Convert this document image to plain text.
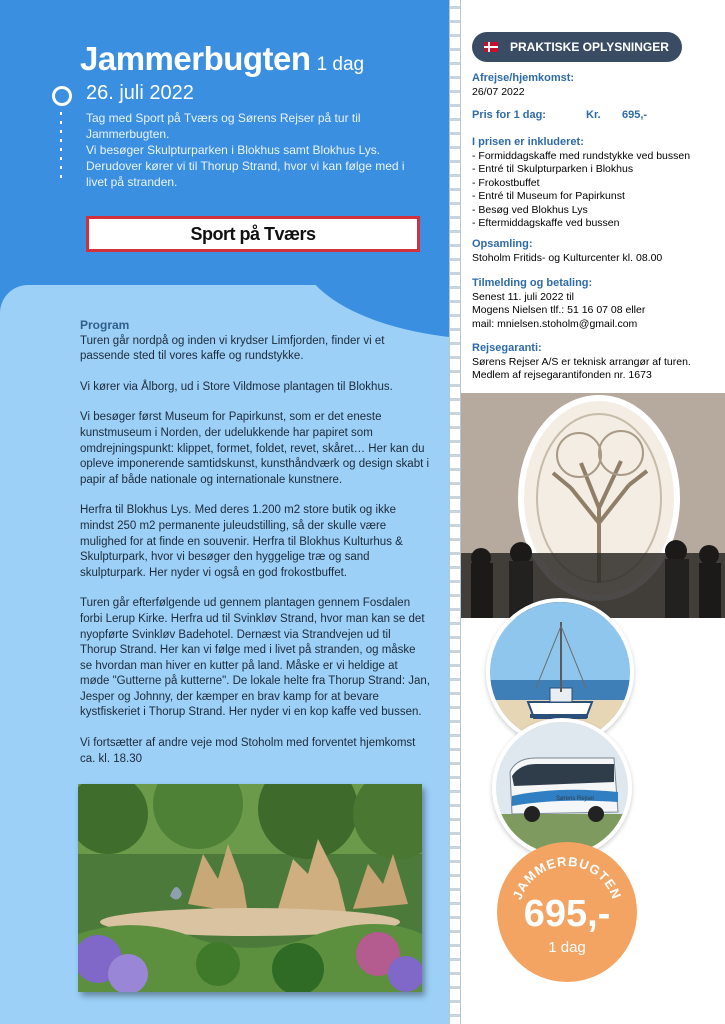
Jammerbugten 1 dag
26. juli 2022

Tag med Sport på Tværs og Sørens Rejser på tur til Jammerbugten.

Vi besøger Skulpturparken i Blokhus samt Blokhus Lys. Derudover kører vi til Thorup Strand, hvor vi kan følge med i livet på stranden.

Sport på Tværs
Program

Turen går nordpå og inden vi krydser Limfjorden, finder vi et passende sted til vores kaffe og rundstykke.

Vi kører via Ålborg, ud i Store Vildmose plantagen til Blokhus.

Vi besøger først Museum for Papirkunst, som er det eneste kunstmuseum i Norden, der udelukkende har papiret som omdrejningspunkt: klippet, formet, foldet, revet, skåret… Her kan du opleve imponerende samtidskunst, kunsthåndværk og design skabt i papir af både nationale og internationale kunstnere.

Herfra til Blokhus Lys. Med deres 1.200 m2 store butik og ikke mindst 250 m2 permanente juleudstilling, så der skulle være mulighed for at finde en souvenir. Herfra til Blokhus Kulturhus & Skulpturpark, hvor vi besøger den hyggelige træ og sand skulpturpark. Her nyder vi også en god frokostbuffet.

Turen går efterfølgende ud gennem plantagen gennem Fosdalen forbi Lerup Kirke. Herfra ud til Svinkløv Strand, hvor man kan se det nyopførte Svinkløv Badehotel. Dernæst via Strandvejen ud til Thorup Strand. Her kan vi følge med i livet på stranden, og måske se hvordan man hiver en kutter på land. Måske er vi heldige at møde "Gutterne på kutterne". De lokale helte fra Thorup Strand: Jan, Jesper og Johnny, der kæmper en brav kamp for at bevare kystfiskeriet i Thorup Strand. Her nyder vi en kop kaffe ved bussen.

Vi fortsætter af andre veje mod Stoholm med forventet hjemkomst ca. kl. 18.30

PRAKTISKE OPLYSNINGER
Afrejse/hjemkomst:
26/07 2022
Pris for 1 dag:	Kr. 695,-
I prisen er inkluderet:
- Formiddagskaffe med rundstykke ved bussen
- Entré til Skulpturparken i Blokhus
- Frokostbuffet
- Entré til Museum for Papirkunst
- Besøg ved Blokhus Lys
- Eftermiddagskaffe ved bussen
Opsamling:
Stoholm Fritids- og Kulturcenter kl. 08.00
Tilmelding og betaling:
Senest 11. juli 2022 til
Mogens Nielsen tlf.: 51 16 07 08 eller
mail: mnielsen.stoholm@gmail.com
Rejsegaranti:
Sørens Rejser A/S er teknisk arrangør af turen.
Medlem af rejsegarantifonden nr. 1673
Sørens Rejser
JAMMERBUGTEN
695,-
1 dag
